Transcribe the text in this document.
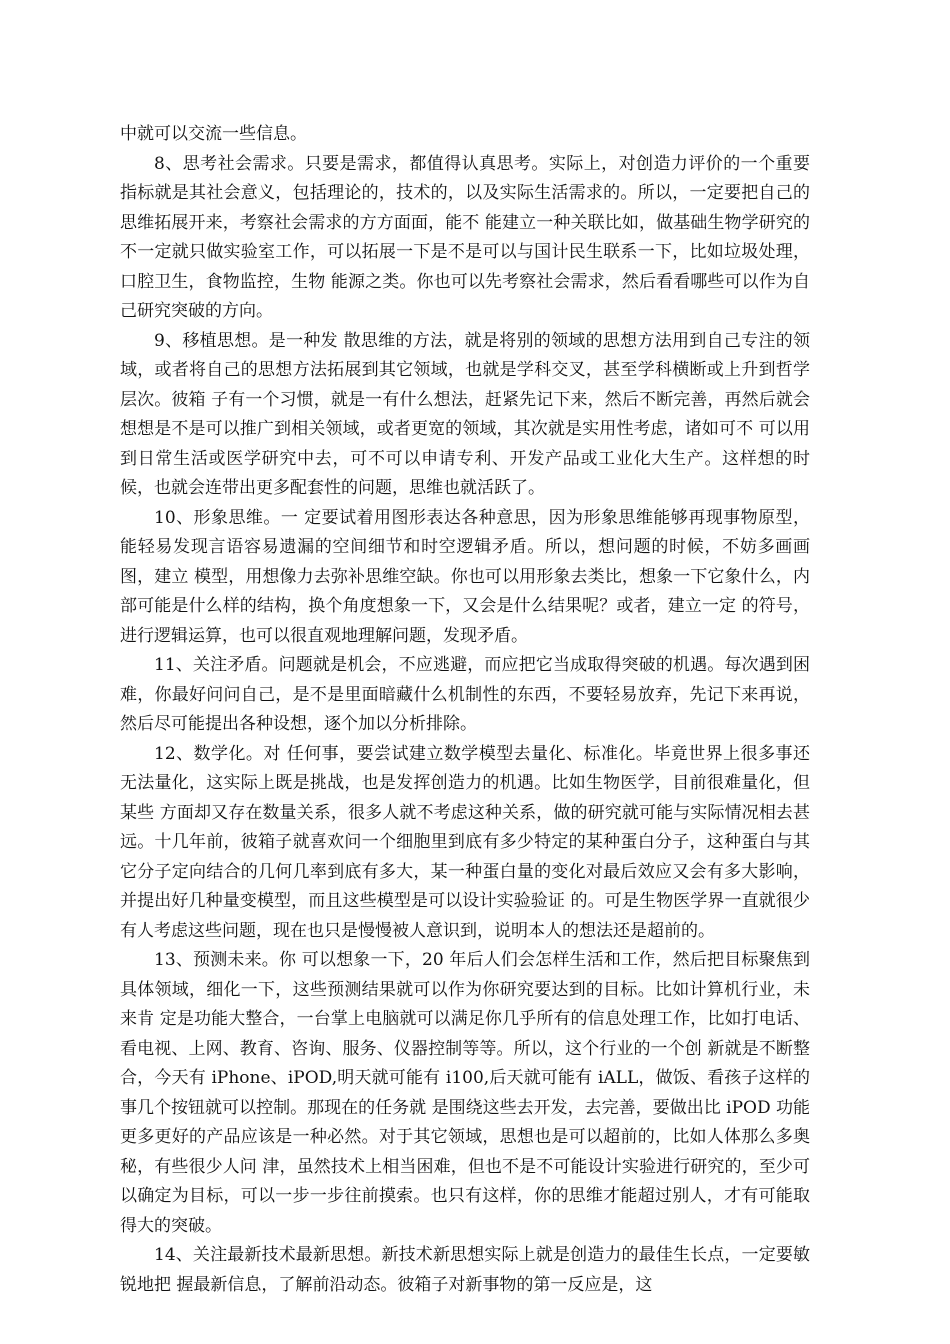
中就可以交流一些信息。

8、思考社会需求。只要是需求，都值得认真思考。实际上，对创造力评价的一个重要指标就是其社会意义，包括理论的，技术的，以及实际生活需求的。所以，一定要把自己的思维拓展开来，考察社会需求的方方面面，能不 能建立一种关联比如，做基础生物学研究的不一定就只做实验室工作，可以拓展一下是不是可以与国计民生联系一下，比如垃圾处理，口腔卫生，食物监控，生物 能源之类。你也可以先考察社会需求，然后看看哪些可以作为自己研究突破的方向。

9、移植思想。是一种发 散思维的方法，就是将别的领域的思想方法用到自己专注的领域，或者将自己的思想方法拓展到其它领域，也就是学科交叉，甚至学科横断或上升到哲学层次。彼箱 子有一个习惯，就是一有什么想法，赶紧先记下来，然后不断完善，再然后就会想想是不是可以推广到相关领域，或者更宽的领域，其次就是实用性考虑，诸如可不 可以用到日常生活或医学研究中去，可不可以申请专利、开发产品或工业化大生产。这样想的时候，也就会连带出更多配套性的问题，思维也就活跃了。

10、形象思维。一 定要试着用图形表达各种意思，因为形象思维能够再现事物原型，能轻易发现言语容易遗漏的空间细节和时空逻辑矛盾。所以，想问题的时候，不妨多画画图，建立 模型，用想像力去弥补思维空缺。你也可以用形象去类比，想象一下它象什么，内部可能是什么样的结构，换个角度想象一下，又会是什么结果呢？或者，建立一定 的符号，进行逻辑运算，也可以很直观地理解问题，发现矛盾。

11、关注矛盾。问题就是机会，不应逃避，而应把它当成取得突破的机遇。每次遇到困难，你最好问问自己，是不是里面暗藏什么机制性的东西，不要轻易放弃，先记下来再说，然后尽可能提出各种设想，逐个加以分析排除。

12、数学化。对 任何事，要尝试建立数学模型去量化、标准化。毕竟世界上很多事还无法量化，这实际上既是挑战，也是发挥创造力的机遇。比如生物医学，目前很难量化，但某些 方面却又存在数量关系，很多人就不考虑这种关系，做的研究就可能与实际情况相去甚远。十几年前，彼箱子就喜欢问一个细胞里到底有多少特定的某种蛋白分子，这种蛋白与其它分子定向结合的几何几率到底有多大，某一种蛋白量的变化对最后效应又会有多大影响，并提出好几种量变模型，而且这些模型是可以设计实验验证 的。可是生物医学界一直就很少有人考虑这些问题，现在也只是慢慢被人意识到，说明本人的想法还是超前的。

13、预测未来。你 可以想象一下，20 年后人们会怎样生活和工作，然后把目标聚焦到具体领域，细化一下，这些预测结果就可以作为你研究要达到的目标。比如计算机行业，未来肯 定是功能大整合，一台掌上电脑就可以满足你几乎所有的信息处理工作，比如打电话、看电视、上网、教育、咨询、服务、仪器控制等等。所以，这个行业的一个创 新就是不断整合，今天有 iPhone、iPOD,明天就可能有 i100,后天就可能有 iALL，做饭、看孩子这样的事几个按钮就可以控制。那现在的任务就 是围绕这些去开发，去完善，要做出比 iPOD 功能更多更好的产品应该是一种必然。对于其它领域，思想也是可以超前的，比如人体那么多奥秘，有些很少人问 津，虽然技术上相当困难，但也不是不可能设计实验进行研究的，至少可以确定为目标，可以一步一步往前摸索。也只有这样，你的思维才能超过别人，才有可能取 得大的突破。

14、关注最新技术最新思想。新技术新思想实际上就是创造力的最佳生长点，一定要敏锐地把 握最新信息，了解前沿动态。彼箱子对新事物的第一反应是，这
